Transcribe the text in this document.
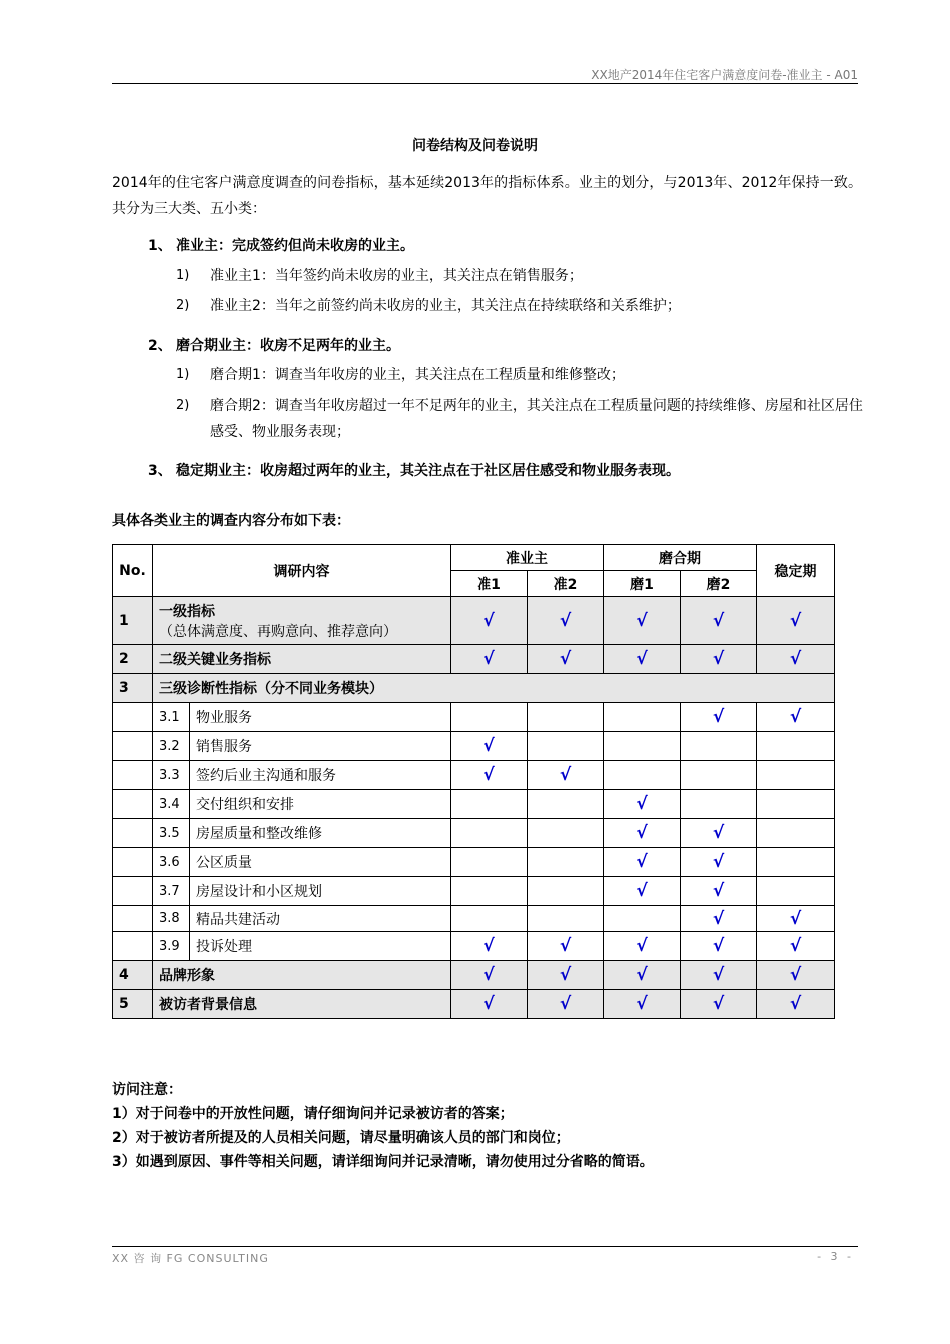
XX地产2014年住宅客户满意度问卷-准业主 - A01
问卷结构及问卷说明
2014年的住宅客户满意度调查的问卷指标，基本延续2013年的指标体系。业主的划分，与2013年、2012年保持一致。共分为三大类、五小类：
1、 准业主：完成签约但尚未收房的业主。
1)	准业主1：当年签约尚未收房的业主，其关注点在销售服务；
2)	准业主2：当年之前签约尚未收房的业主，其关注点在持续联络和关系维护；
2、 磨合期业主：收房不足两年的业主。
1)	磨合期1：调查当年收房的业主，其关注点在工程质量和维修整改；
2)	磨合期2：调查当年收房超过一年不足两年的业主，其关注点在工程质量问题的持续维修、房屋和社区居住感受、物业服务表现；
3、 稳定期业主：收房超过两年的业主，其关注点在于社区居住感受和物业服务表现。
具体各类业主的调查内容分布如下表：
No.	调研内容		准业主		磨合期		稳定期
			准1	准2	磨1	磨2	
1	一级指标
（总体满意度、再购意向、推荐意向）		√	√	√	√	√
2	二级关键业务指标		√	√	√	√	√
3	三级诊断性指标（分不同业务模块）						
	3.1	物业服务				√	√
	3.2	销售服务	√				
	3.3	签约后业主沟通和服务	√	√			
	3.4	交付组织和安排			√		
	3.5	房屋质量和整改维修			√	√	
	3.6	公区质量			√	√	
	3.7	房屋设计和小区规划			√	√	
	3.8	精品共建活动				√	√
	3.9	投诉处理	√	√	√	√	√
4	品牌形象		√	√	√	√	√
5	被访者背景信息		√	√	√	√	√
访问注意：
1）对于问卷中的开放性问题，请仔细询问并记录被访者的答案；
2）对于被访者所提及的人员相关问题，请尽量明确该人员的部门和岗位；
3）如遇到原因、事件等相关问题，请详细询问并记录清晰，请勿使用过分省略的简语。
XX 咨 询 FG CONSULTING	- 3 -
